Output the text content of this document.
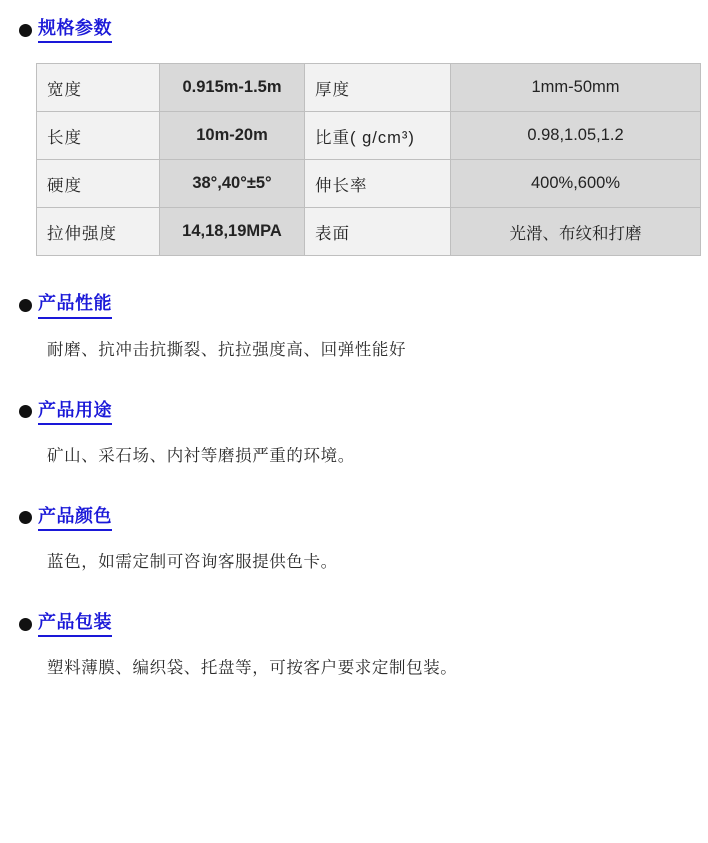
规格参数
宽度	0.915m-1.5m	厚度	1mm-50mm
长度	10m-20m	比重( g/cm³)	0.98,1.05,1.2
硬度	38°,40°±5°	伸长率	400%,600%
拉伸强度	14,18,19MPA	表面	光滑、布纹和打磨
产品性能
耐磨、抗冲击抗撕裂、抗拉强度高、回弹性能好
产品用途
矿山、采石场、内衬等磨损严重的环境。
产品颜色
蓝色，如需定制可咨询客服提供色卡。
产品包装
塑料薄膜、编织袋、托盘等，可按客户要求定制包装。
